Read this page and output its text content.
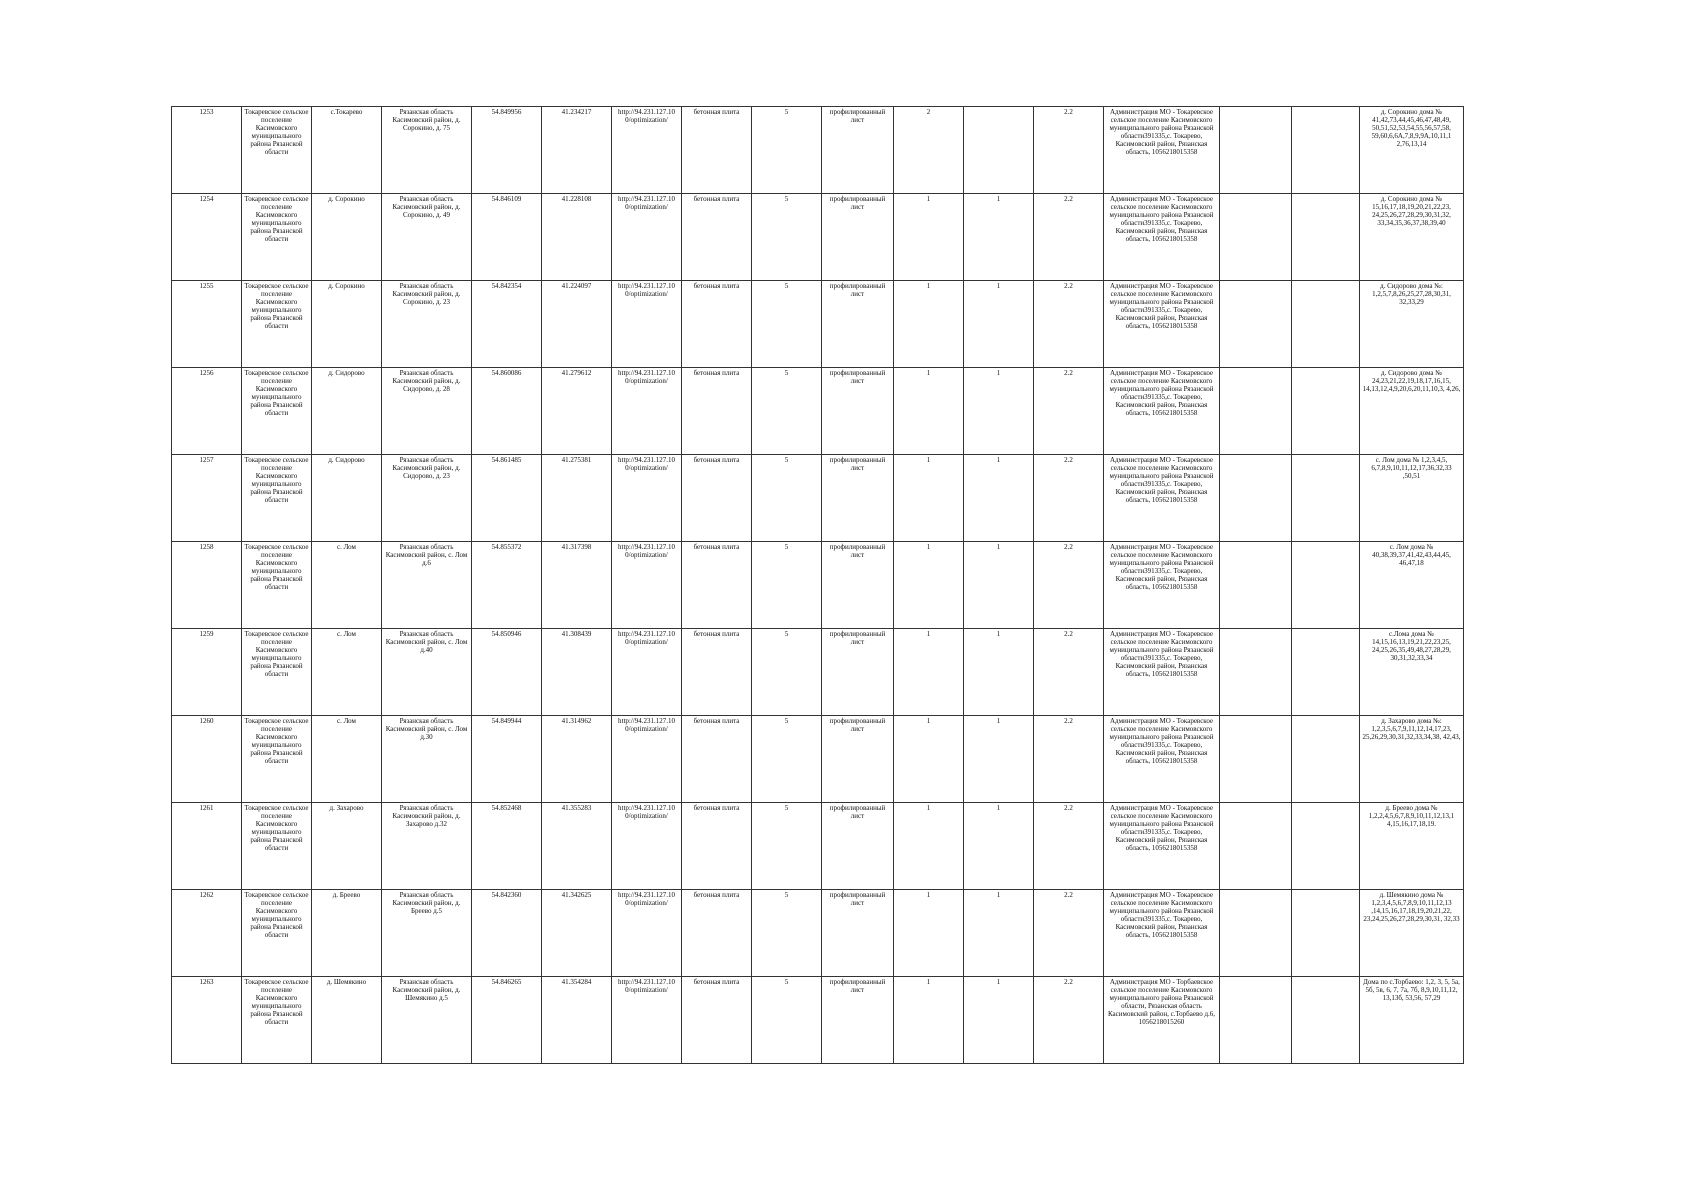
1253	Токаревское сельское поселение Касимовского муниципального района Рязанской области	с.Токарево	Рязанская область Касимовский район, д. Сорокино, д. 75	54.849956	41.234217	http://94.231.127.10 0/optimization/	бетонная плита	5	профилированный лист	2		2.2	Администрация МО - Токаревское сельское поселение Касимовского муниципального района Рязанской области391335,с. Токарево, Касимовский район, Рязанская область, 1056218015358			д. Сорокино дома № 41,42,73,44,45,46,47,48,49, 50,51,52,53,54,55,56,57,58, 59,60,6,6А,7,8,9,9А,10,11,1 2,76,13,14
1254	Токаревское сельское поселение Касимовского муниципального района Рязанской области	д. Сорокино	Рязанская область Касимовский район, д. Сорокино, д. 49	54.846109	41.228108	http://94.231.127.10 0/optimization/	бетонная плита	5	профилированный лист	1	1	2.2	Администрация МО - Токаревское сельское поселение Касимовского муниципального района Рязанской области391335,с. Токарево, Касимовский район, Рязанская область, 1056218015358			д. Сорокино дома № 15,16,17,18,19,20,21,22,23, 24,25,26,27,28,29,30,31,32, 33,34,35,36,37,38,39,40
1255	Токаревское сельское поселение Касимовского муниципального района Рязанской области	д. Сорокино	Рязанская область Касимовский район, д. Сорокино, д. 23	54.842354	41.224097	http://94.231.127.10 0/optimization/	бетонная плита	5	профилированный лист	1	1	2.2	Администрация МО - Токаревское сельское поселение Касимовского муниципального района Рязанской области391335,с. Токарево, Касимовский район, Рязанская область, 1056218015358			д. Сидорово дома №: 1,2,5,7,8,26,25,27,28,30,31, 32,33,29
1256	Токаревское сельское поселение Касимовского муниципального района Рязанской области	д. Сидорово	Рязанская область Касимовский район, д. Сидорово, д. 28	54.860086	41.279612	http://94.231.127.10 0/optimization/	бетонная плита	5	профилированный лист	1	1	2.2	Администрация МО - Токаревское сельское поселение Касимовского муниципального района Рязанской области391335,с. Токарево, Касимовский район, Рязанская область, 1056218015358			д. Сидорово дома № 24,23,21,22,19,18,17,16,15, 14,13,12,4,9,20,6,20,11,10,3, 4,26,
1257	Токаревское сельское поселение Касимовского муниципального района Рязанской области	д. Сидорово	Рязанская область Касимовский район, д. Сидорово, д. 23	54.861485	41.275381	http://94.231.127.10 0/optimization/	бетонная плита	5	профилированный лист	1	1	2.2	Администрация МО - Токаревское сельское поселение Касимовского муниципального района Рязанской области391335,с. Токарево, Касимовский район, Рязанская область, 1056218015358			с. Лом дома № 1,2,3,4,5, 6,7,8,9,10,11,12,17,36,32,33 ,50,51
1258	Токаревское сельское поселение Касимовского муниципального района Рязанской области	с. Лом	Рязанская область Касимовский район, с. Лом д.6	54.855372	41.317398	http://94.231.127.10 0/optimization/	бетонная плита	5	профилированный лист	1	1	2.2	Администрация МО - Токаревское сельское поселение Касимовского муниципального района Рязанской области391335,с. Токарево, Касимовский район, Рязанская область, 1056218015358			с. Лом дома № 40,38,39,37,41,42,43,44,45, 46,47,18
1259	Токаревское сельское поселение Касимовского муниципального района Рязанской области	с. Лом	Рязанская область Касимовский район, с. Лом д.40	54.850946	41.308439	http://94.231.127.10 0/optimization/	бетонная плита	5	профилированный лист	1	1	2.2	Администрация МО - Токаревское сельское поселение Касимовского муниципального района Рязанской области391335,с. Токарево, Касимовский район, Рязанская область, 1056218015358			с.Лома дома № 14,15,16,13,19,21,22,23,25, 24,25,26,35,49,48,27,28,29, 30,31,32,33,34
1260	Токаревское сельское поселение Касимовского муниципального района Рязанской области	с. Лом	Рязанская область Касимовский район, с. Лом д.30	54.849944	41.314962	http://94.231.127.10 0/optimization/	бетонная плита	5	профилированный лист	1	1	2.2	Администрация МО - Токаревское сельское поселение Касимовского муниципального района Рязанской области391335,с. Токарево, Касимовский район, Рязанская область, 1056218015358			д. Захарово дома №: 1,2,3,5,6,7,9,11,12,14,17,23, 25,26,29,30,31,32,33,34,38, 42,43,
1261	Токаревское сельское поселение Касимовского муниципального района Рязанской области	д. Захарово	Рязанская область Касимовский район, д. Захарово д.32	54.852468	41.355283	http://94.231.127.10 0/optimization/	бетонная плита	5	профилированный лист	1	1	2.2	Администрация МО - Токаревское сельское поселение Касимовского муниципального района Рязанской области391335,с. Токарево, Касимовский район, Рязанская область, 1056218015358			д. Бреево дома № 1,2,2,4,5,6,7,8,9,10,11,12,13,1 4,15,16,17,18,19.
1262	Токаревское сельское поселение Касимовского муниципального района Рязанской области	д. Бреево	Рязанская область Касимовский район, д. Бреево д.5	54.842360	41.342625	http://94.231.127.10 0/optimization/	бетонная плита	5	профилированный лист	1	1	2.2	Администрация МО - Токаревское сельское поселение Касимовского муниципального района Рязанской области391335,с. Токарево, Касимовский район, Рязанская область, 1056218015358			д. Шемякино дома № 1,2,3,4,5,6,7,8,9,10,11,12,13 ,14,15,16,17,18,19,20,21,22, 23,24,25,26,27,28,29,30,31, 32,33
1263	Токаревское сельское поселение Касимовского муниципального района Рязанской области	д. Шемякино	Рязанская область Касимовский район, д. Шемякино д.5	54.846265	41.354284	http://94.231.127.10 0/optimization/	бетонная плита	5	профилированный лист	1	1	2.2	Администрация МО - Торбаевское сельское поселение Касимовского муниципального района Рязанской области, Рязанская область Касимовский район, с.Торбаево д.6, 1056218015260			Дома по с.Торбаево: 1,2, 3, 5, 5а, 5б, 5в, 6, 7, 7а, 7б, 8,9,10,11,12, 13,13б, 53,56, 57,29
